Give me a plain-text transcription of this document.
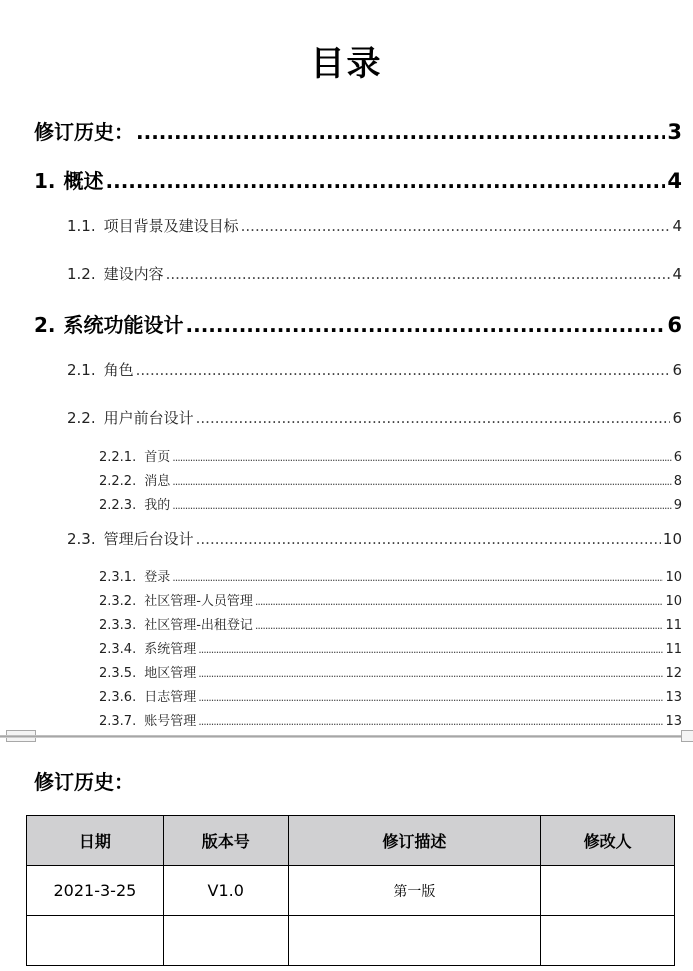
目录
修订历史： .....	3
1. 概述 .....	4
1.1. 项目背景及建设目标 .....	4
1.2. 建设内容 .....	4
2. 系统功能设计 .....	6
2.1. 角色 .....	6
2.2. 用户前台设计 .....	6
2.2.1. 首页 .....	6
2.2.2. 消息 .....	8
2.2.3. 我的 .....	9
2.3. 管理后台设计 .....	10
2.3.1. 登录 .....	10
2.3.2. 社区管理-人员管理 .....	10
2.3.3. 社区管理-出租登记 .....	11
2.3.4. 系统管理 .....	11
2.3.5. 地区管理 .....	12
2.3.6. 日志管理 .....	13
2.3.7. 账号管理 .....	13
修订历史：
日期	版本号	修订描述	修改人
2021-3-25	V1.0	第一版	
